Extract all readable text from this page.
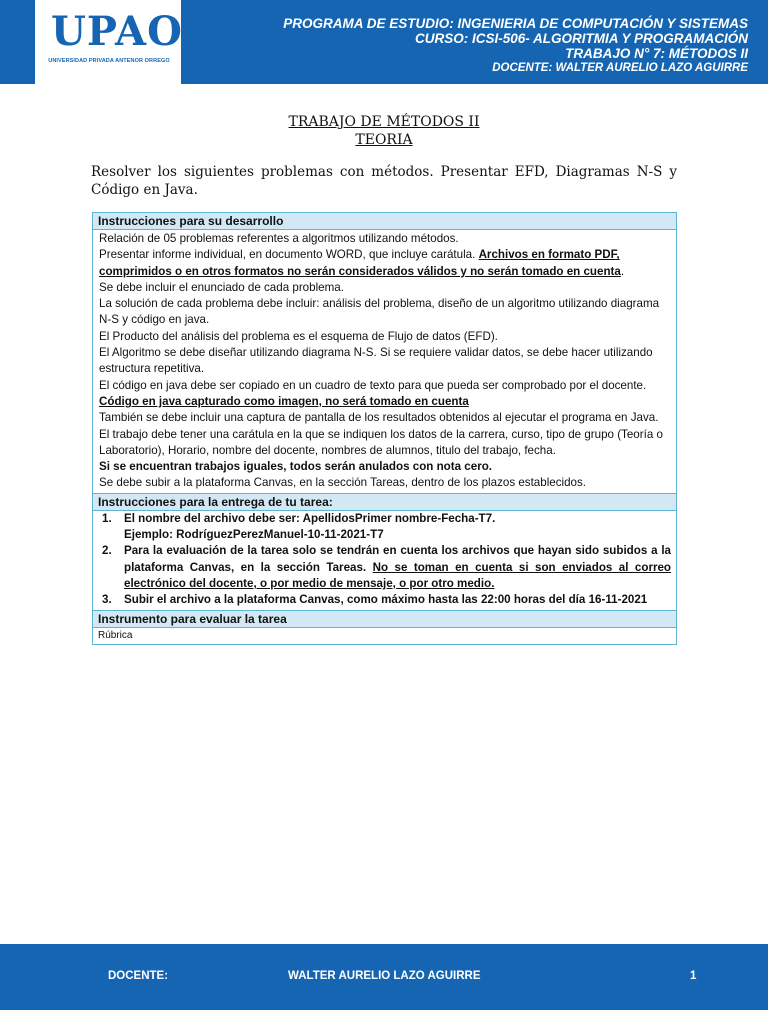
UPAO
UNIVERSIDAD PRIVADA ANTENOR ORREGO
PROGRAMA DE ESTUDIO: INGENIERIA DE COMPUTACIÓN Y SISTEMAS
CURSO: ICSI-506- ALGORITMIA Y PROGRAMACIÓN
TRABAJO N° 7: MÉTODOS II
DOCENTE: WALTER AURELIO LAZO AGUIRRE
TRABAJO DE MÉTODOS II
TEORIA
Resolver los siguientes problemas con métodos. Presentar EFD, Diagramas N-S y Código en Java.
Instrucciones para su desarrollo

Relación de 05 problemas referentes a algoritmos utilizando métodos.

Presentar informe individual, en documento WORD, que incluye carátula. Archivos en formato PDF, comprimidos o en otros formatos no serán considerados válidos y no serán tomado en cuenta.

Se debe incluir el enunciado de cada problema.

La solución de cada problema debe incluir: análisis del problema, diseño de un algoritmo utilizando diagrama N-S y código en java.

El Producto del análisis del problema es el esquema de Flujo de datos (EFD).

El Algoritmo se debe diseñar utilizando diagrama N-S. Si se requiere validar datos, se debe hacer utilizando estructura repetitiva.

El código en java debe ser copiado en un cuadro de texto para que pueda ser comprobado por el docente. Código en java capturado como imagen, no será tomado en cuenta

También se debe incluir una captura de pantalla de los resultados obtenidos al ejecutar el programa en Java.

El trabajo debe tener una carátula en la que se indiquen los datos de la carrera, curso, tipo de grupo (Teoría o Laboratorio), Horario, nombre del docente, nombres de alumnos, titulo del trabajo, fecha.

Si se encuentran trabajos iguales, todos serán anulados con nota cero.

Se debe subir a la plataforma Canvas, en la sección Tareas, dentro de los plazos establecidos.

Instrucciones para la entrega de tu tarea:
1.	El nombre del archivo debe ser: ApellidosPrimer nombre-Fecha-T7.
Ejemplo: RodríguezPerezManuel-10-11-2021-T7
2.	Para la evaluación de la tarea solo se tendrán en cuenta los archivos que hayan sido subidos a la plataforma Canvas, en la sección Tareas. No se toman en cuenta si son enviados al correo electrónico del docente, o por medio de mensaje, o por otro medio.
3.	Subir el archivo a la plataforma Canvas, como máximo hasta las 22:00 horas del día 16-11-2021
Instrumento para evaluar la tarea
Rúbrica
DOCENTE:	WALTER AURELIO LAZO AGUIRRE	1
